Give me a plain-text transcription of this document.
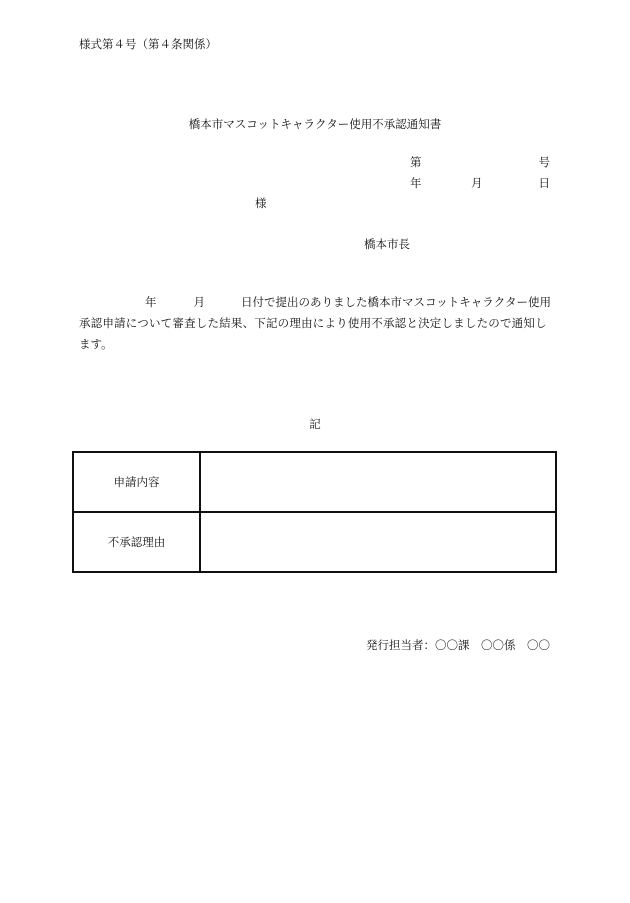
様式第４号（第４条関係）
橋本市マスコットキャラクター使用不承認通知書
第	号
年	月	日
様
橋本市長
年	月	日付で提出のありました橋本市マスコットキャラクター使用
承認申請について審査した結果、下記の理由により使用不承認と決定しましたので通知し
ます。
記
申請内容	
不承認理由	
発行担当者：〇〇課　〇〇係　〇〇
